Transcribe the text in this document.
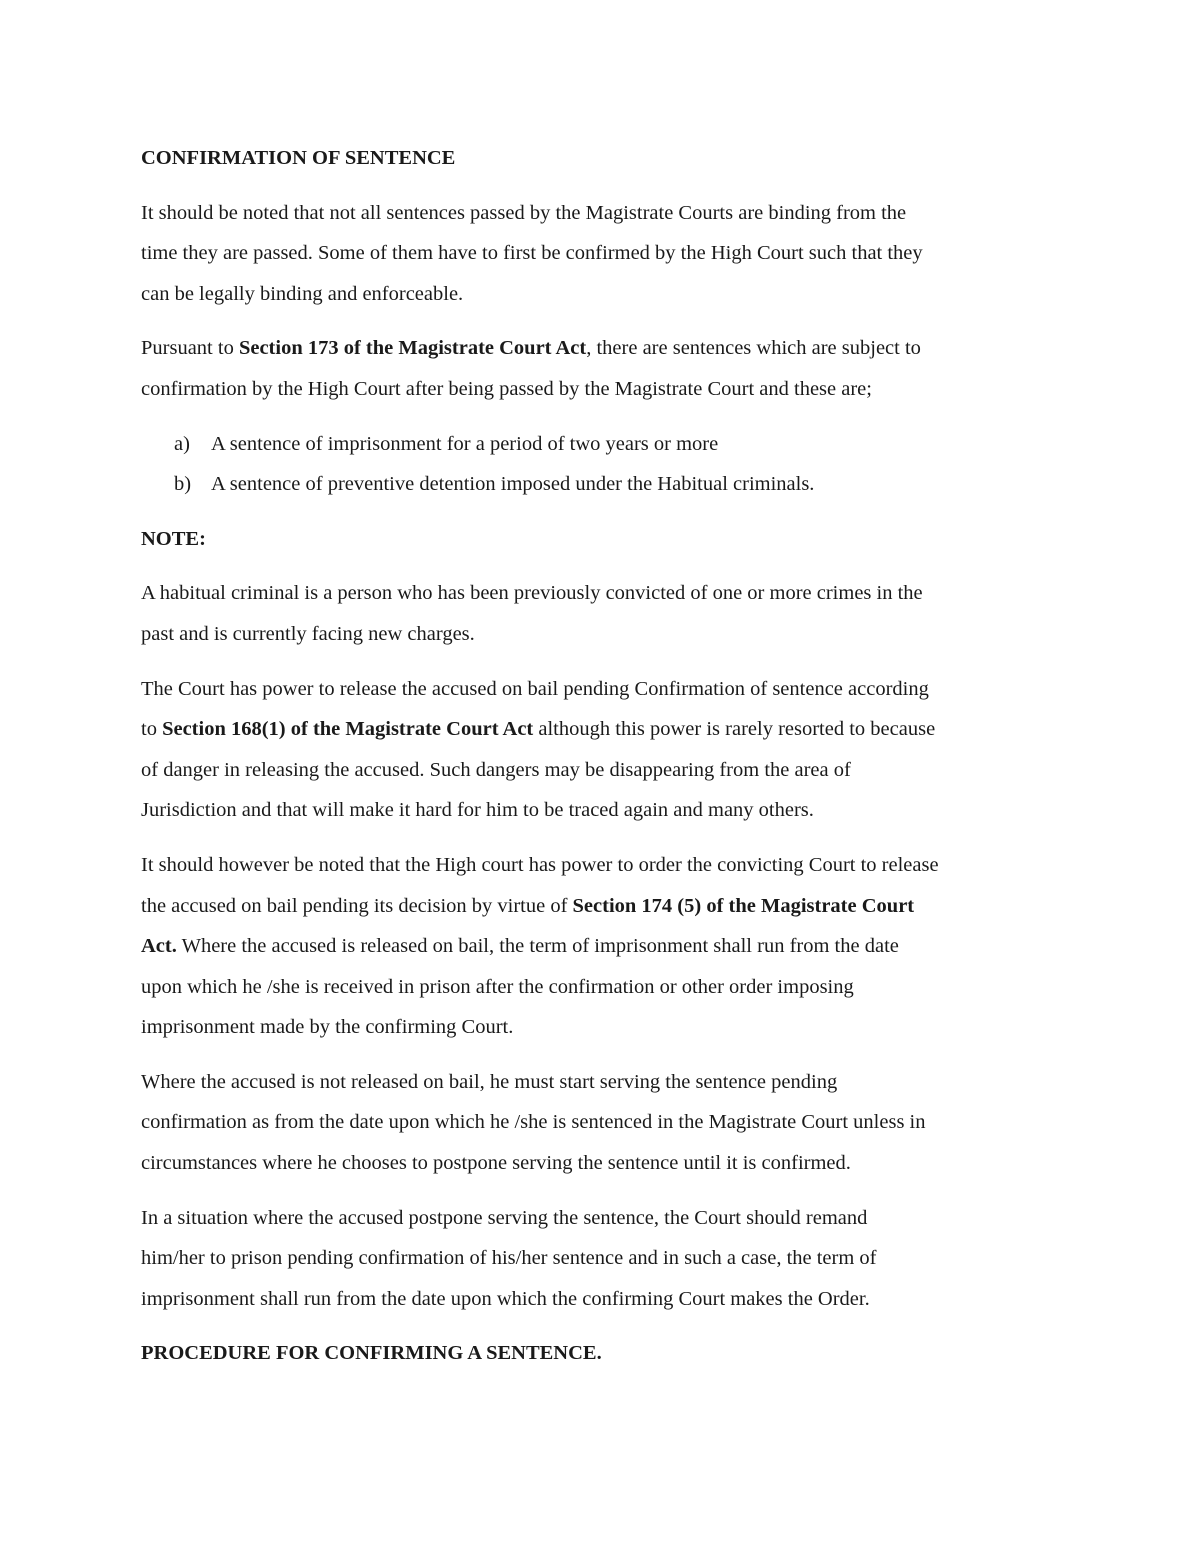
CONFIRMATION OF SENTENCE
It should be noted that not all sentences passed by the Magistrate Courts are binding from the
time they are passed. Some of them have to first be confirmed by the High Court such that they
can be legally binding and enforceable.
Pursuant to Section 173 of the Magistrate Court Act, there are sentences which are subject to
confirmation by the High Court after being passed by the Magistrate Court and these are;
a) A sentence of imprisonment for a period of two years or more
b) A sentence of preventive detention imposed under the Habitual criminals.
NOTE:
A habitual criminal is a person who has been previously convicted of one or more crimes in the
past and is currently facing new charges.
The Court has power to release the accused on bail pending Confirmation of sentence according
to Section 168(1) of the Magistrate Court Act although this power is rarely resorted to because
of danger in releasing the accused. Such dangers may be disappearing from the area of
Jurisdiction and that will make it hard for him to be traced again and many others.
It should however be noted that the High court has power to order the convicting Court to release
the accused on bail pending its decision by virtue of Section 174 (5) of the Magistrate Court
Act. Where the accused is released on bail, the term of imprisonment shall run from the date
upon which he /she is received in prison after the confirmation or other order imposing
imprisonment made by the confirming Court.
Where the accused is not released on bail, he must start serving the sentence pending
confirmation as from the date upon which he /she is sentenced in the Magistrate Court unless in
circumstances where he chooses to postpone serving the sentence until it is confirmed.
In a situation where the accused postpone serving the sentence, the Court should remand
him/her to prison pending confirmation of his/her sentence and in such a case, the term of
imprisonment shall run from the date upon which the confirming Court makes the Order.
PROCEDURE FOR CONFIRMING A SENTENCE.
